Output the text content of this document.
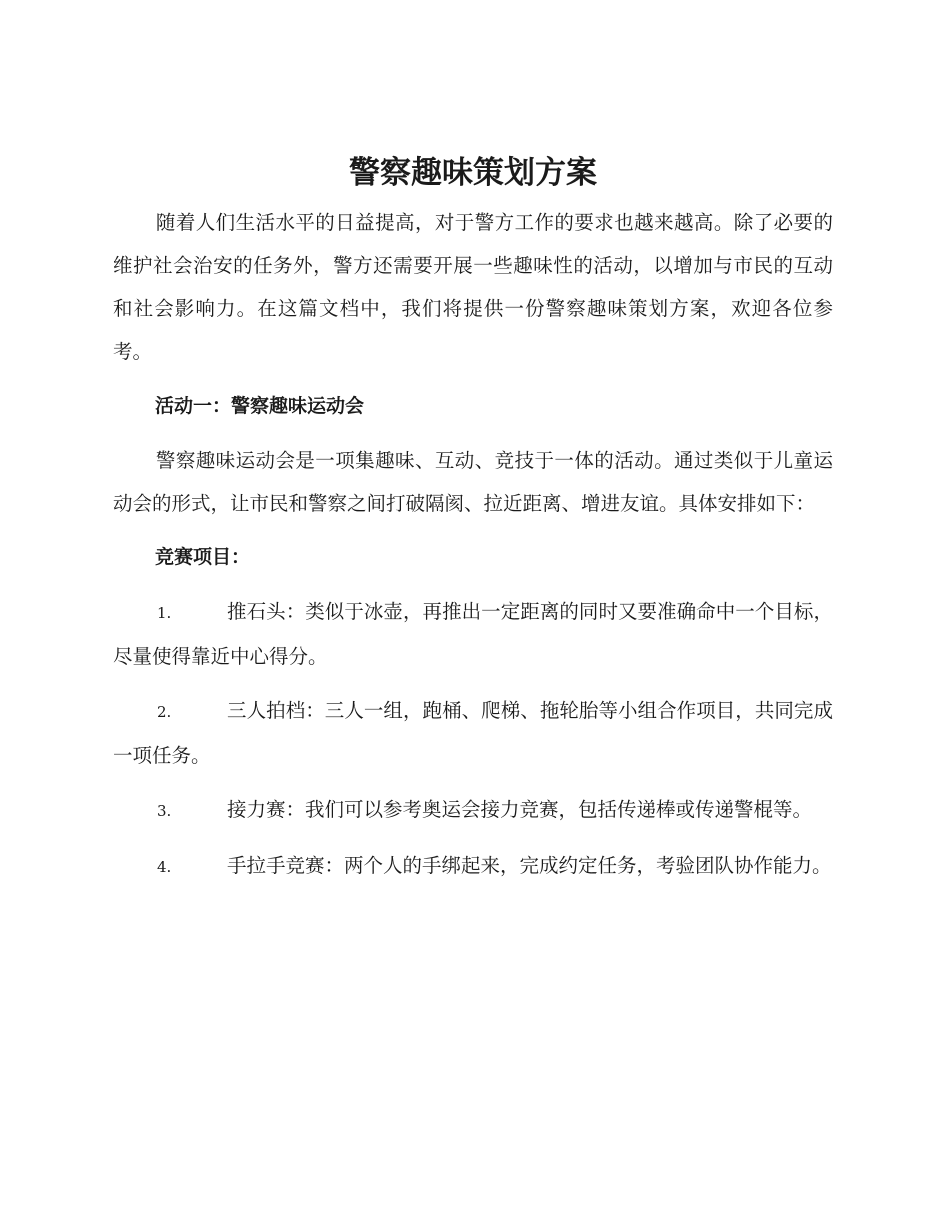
警察趣味策划方案

随着人们生活水平的日益提高，对于警方工作的要求也越来越高。除了必要的维护社会治安的任务外，警方还需要开展一些趣味性的活动，以增加与市民的互动和社会影响力。在这篇文档中，我们将提供一份警察趣味策划方案，欢迎各位参考。

活动一：警察趣味运动会

警察趣味运动会是一项集趣味、互动、竞技于一体的活动。通过类似于儿童运动会的形式，让市民和警察之间打破隔阂、拉近距离、增进友谊。具体安排如下：

竞赛项目：

1.	推石头：类似于冰壶，再推出一定距离的同时又要准确命中一个目标，尽量使得靠近中心得分。

2.	三人拍档：三人一组，跑桶、爬梯、拖轮胎等小组合作项目，共同完成一项任务。

3.	接力赛：我们可以参考奥运会接力竞赛，包括传递棒或传递警棍等。

4.	手拉手竞赛：两个人的手绑起来，完成约定任务，考验团队协作能力。
